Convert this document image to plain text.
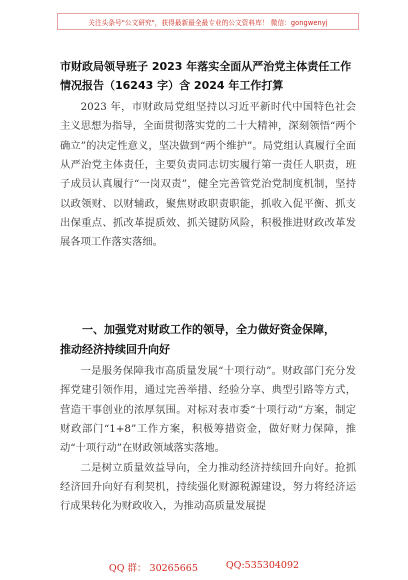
关注头条号"公文研究"，获得最新最全最专业的公文资料库！ 微信：gongwenyj
市财政局领导班子 2023 年落实全面从严治党主体责任工作
情况报告（16243 字）含 2024 年工作打算

2023 年，市财政局党组坚持以习近平新时代中国特色社会主义思想为指导，全面贯彻落实党的二十大精神，深刻领悟“两个确立”的决定性意义，坚决做到“两个维护”。局党组认真履行全面从严治党主体责任，主要负责同志切实履行第一责任人职责，班子成员认真履行“一岗双责”，健全完善管党治党制度机制，坚持以政领财、以财辅政，聚焦财政职责职能，抓收入促平衡、抓支出保重点、抓改革提质效、抓关键防风险，积极推进财政改革发展各项工作落实落细。

一、加强党对财政工作的领导，全力做好资金保障，
推动经济持续回升向好

一是服务保障我市高质量发展“十项行动”。财政部门充分发挥党建引领作用，通过完善举措、经验分享、典型引路等方式，营造干事创业的浓厚氛围。对标对表市委“十项行动”方案，制定财政部门“1+8”工作方案，积极筹措资金，做好财力保障，推动“十项行动”在财政领域落实落地。

二是树立质量效益导向，全力推动经济持续回升向好。抢抓经济回升向好有利契机，持续强化财源税源建设，努力将经济运行成果转化为财政收入，为推动高质量发展提

QQ 群： 30265665	QQ:535304092
